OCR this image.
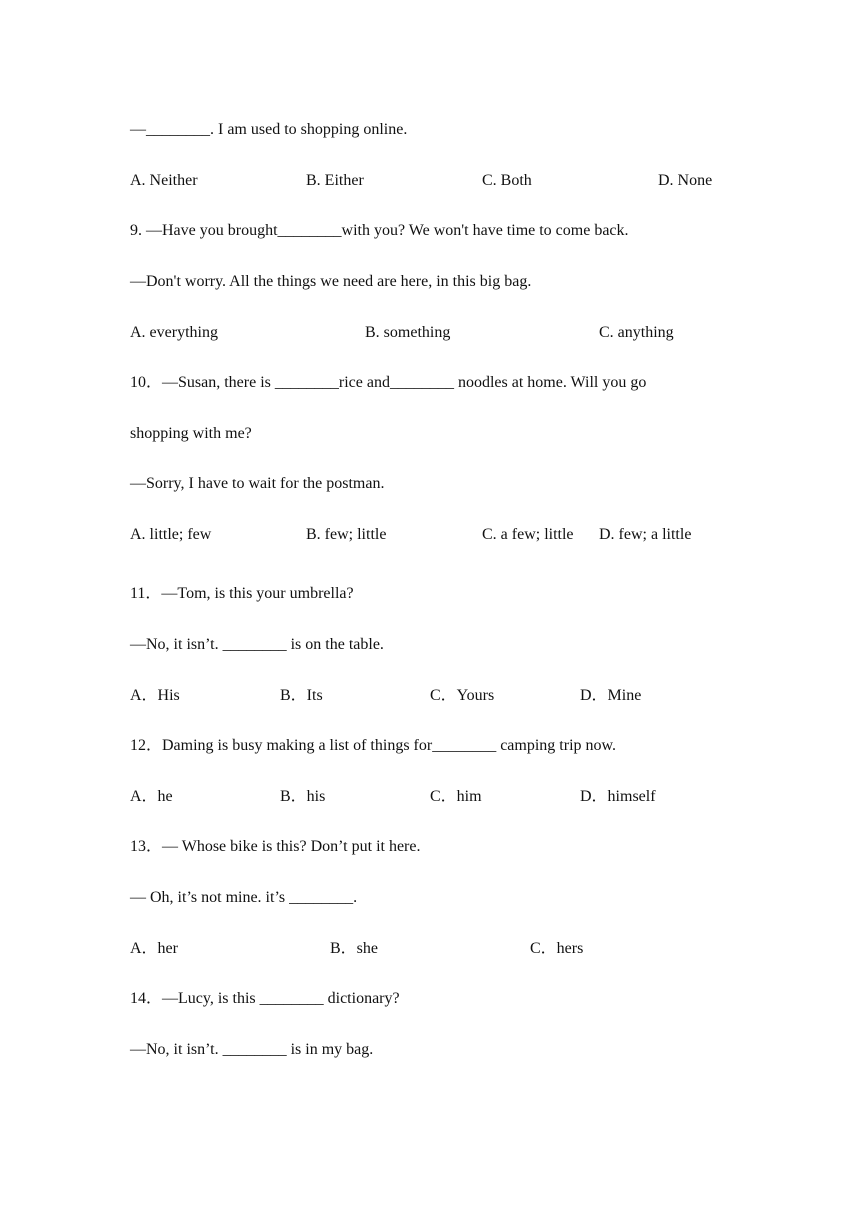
—________. I am used to shopping online.
A. Neither	B. Either	C. Both	D. None
9. —Have you brought________with you? We won't have time to come back.
—Don't worry. All the things we need are here, in this big bag.
A. everything	B. something	C. anything
10．—Susan, there is ________rice and________ noodles at home. Will you go
shopping with me?
—Sorry, I have to wait for the postman.
A. little; few	B. few; little	C. a few; little D. few; a little
11．—Tom, is this your umbrella?
—No, it isn’t. ________ is on the table.
A．His	B．Its	C．Yours	D．Mine
12．Daming is busy making a list of things for________ camping trip now.
A．he	B．his	C．him	D．himself
13．— Whose bike is this? Don’t put it here.
— Oh, it’s not mine. it’s ________.
A．her	B．she	C．hers
14．—Lucy, is this ________ dictionary?
—No, it isn’t. ________ is in my bag.
